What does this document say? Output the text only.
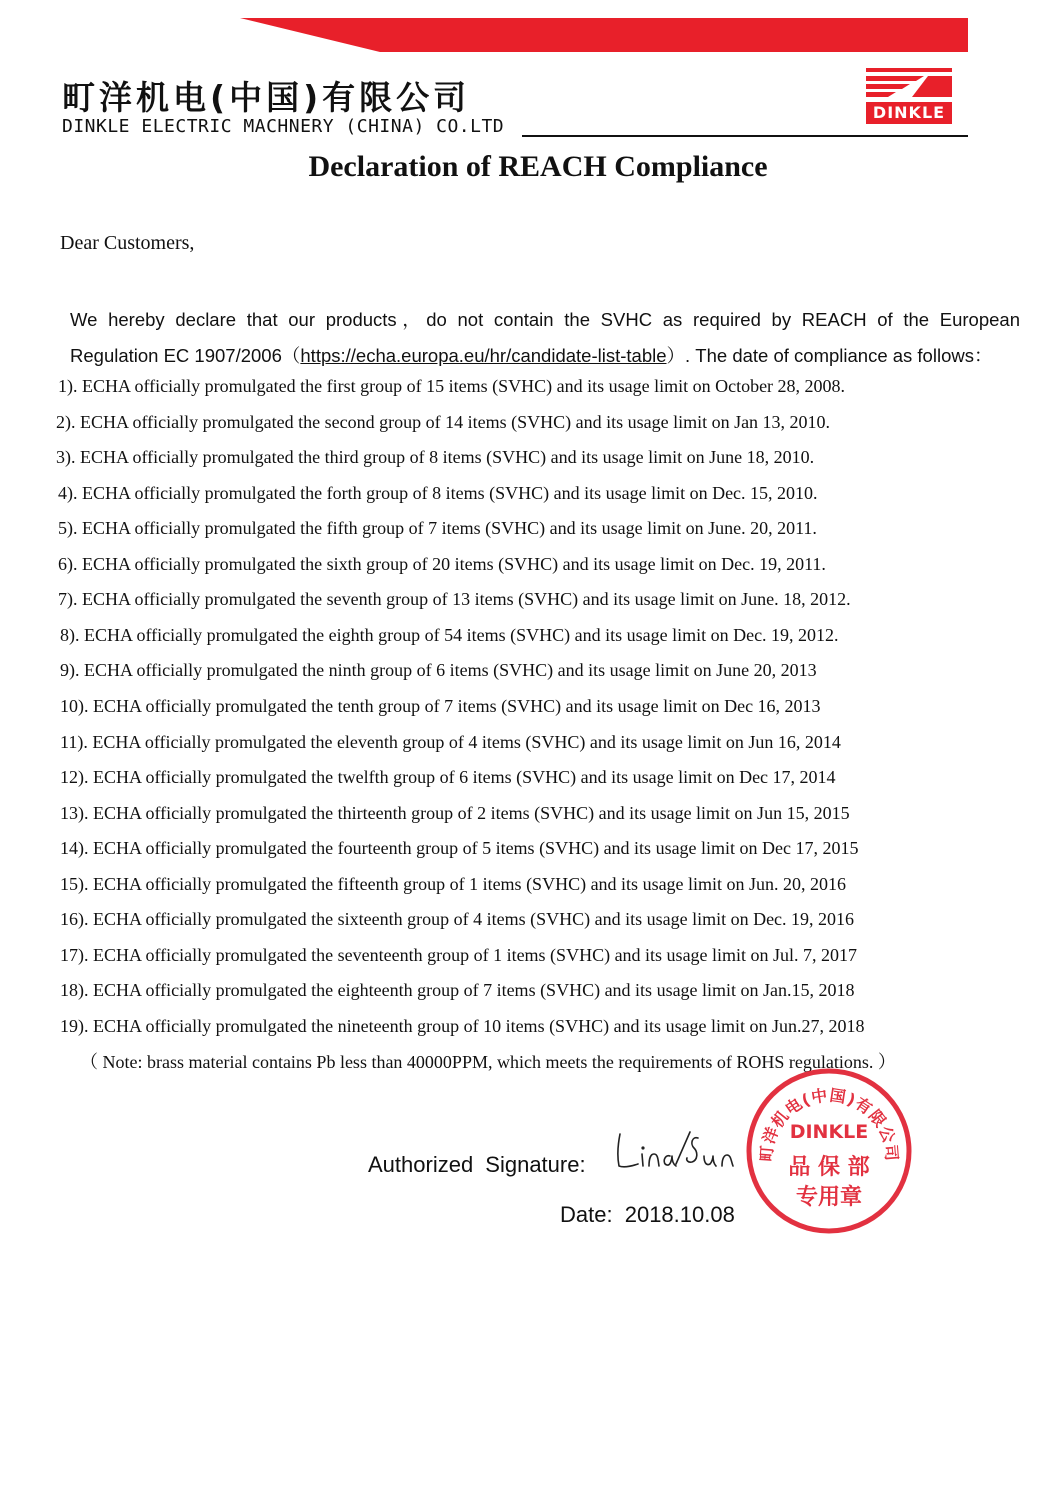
町洋机电(中国)有限公司
DINKLE ELECTRIC MACHNERY (CHINA) CO.LTD
DINKLE
Declaration of REACH Compliance
Dear Customers,
We hereby declare that our products，do not contain the SVHC as required by REACH of the European
Regulation EC 1907/2006（https://echa.europa.eu/hr/candidate-list-table）. The date of compliance as follows：
1). ECHA officially promulgated the first group of 15 items (SVHC) and its usage limit on October 28, 2008.
2). ECHA officially promulgated the second group of 14 items (SVHC) and its usage limit on Jan 13, 2010.
3). ECHA officially promulgated the third group of 8 items (SVHC) and its usage limit on June 18, 2010.
4). ECHA officially promulgated the forth group of 8 items (SVHC) and its usage limit on Dec. 15, 2010.
5). ECHA officially promulgated the fifth group of 7 items (SVHC) and its usage limit on June. 20, 2011.
6). ECHA officially promulgated the sixth group of 20 items (SVHC) and its usage limit on Dec. 19, 2011.
7). ECHA officially promulgated the seventh group of 13 items (SVHC) and its usage limit on June. 18, 2012.
8). ECHA officially promulgated the eighth group of 54 items (SVHC) and its usage limit on Dec. 19, 2012.
9). ECHA officially promulgated the ninth group of 6 items (SVHC) and its usage limit on June 20, 2013
10). ECHA officially promulgated the tenth group of 7 items (SVHC) and its usage limit on Dec 16, 2013
11). ECHA officially promulgated the eleventh group of 4 items (SVHC) and its usage limit on Jun 16, 2014
12). ECHA officially promulgated the twelfth group of 6 items (SVHC) and its usage limit on Dec 17, 2014
13). ECHA officially promulgated the thirteenth group of 2 items (SVHC) and its usage limit on Jun 15, 2015
14). ECHA officially promulgated the fourteenth group of 5 items (SVHC) and its usage limit on Dec 17, 2015
15). ECHA officially promulgated the fifteenth group of 1 items (SVHC) and its usage limit on Jun. 20, 2016
16). ECHA officially promulgated the sixteenth group of 4 items (SVHC) and its usage limit on Dec. 19, 2016
17). ECHA officially promulgated the seventeenth group of 1 items (SVHC) and its usage limit on Jul. 7, 2017
18). ECHA officially promulgated the eighteenth group of 7 items (SVHC) and its usage limit on Jan.15, 2018
19). ECHA officially promulgated the nineteenth group of 10 items (SVHC) and its usage limit on Jun.27, 2018
（ Note: brass material contains Pb less than 40000PPM, which meets the requirements of ROHS regulations. ）
Authorized Signature:
Date: 2018.10.08
町洋机电(中国)有限公司
DINKLE
品 保 部
专用章
